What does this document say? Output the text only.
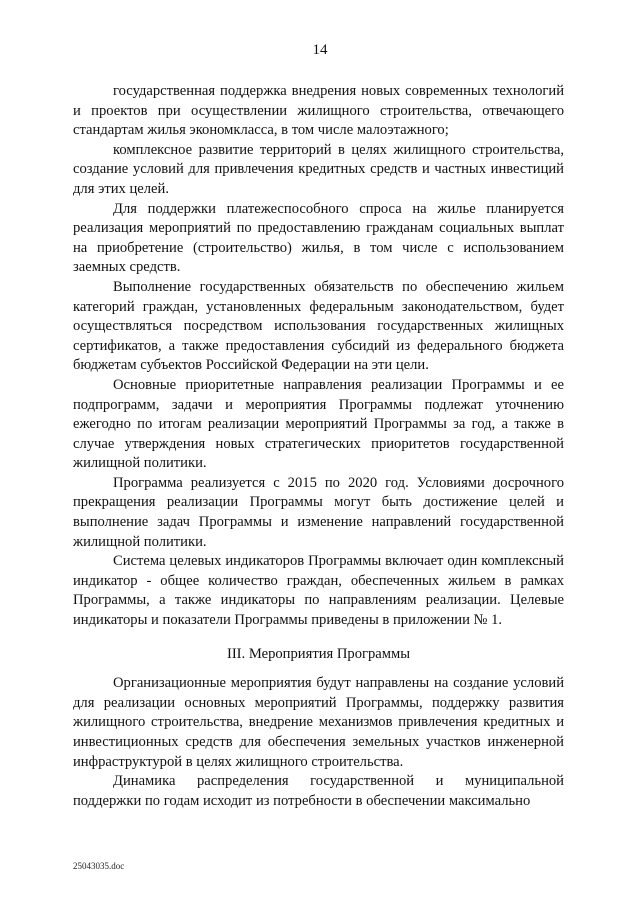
14

государственная поддержка внедрения новых современных технологий и проектов при осуществлении жилищного строительства, отвечающего стандартам жилья экономкласса, в том числе малоэтажного;

комплексное развитие территорий в целях жилищного строительства, создание условий для привлечения кредитных средств и частных инвестиций для этих целей.

Для поддержки платежеспособного спроса на жилье планируется реализация мероприятий по предоставлению гражданам социальных выплат на приобретение (строительство) жилья, в том числе с использованием заемных средств.

Выполнение государственных обязательств по обеспечению жильем категорий граждан, установленных федеральным законодательством, будет осуществляться посредством использования государственных жилищных сертификатов, а также предоставления субсидий из федерального бюджета бюджетам субъектов Российской Федерации на эти цели.

Основные приоритетные направления реализации Программы и ее подпрограмм, задачи и мероприятия Программы подлежат уточнению ежегодно по итогам реализации мероприятий Программы за год, а также в случае утверждения новых стратегических приоритетов государственной жилищной политики.

Программа реализуется с 2015 по 2020 год. Условиями досрочного прекращения реализации Программы могут быть достижение целей и выполнение задач Программы и изменение направлений государственной жилищной политики.

Система целевых индикаторов Программы включает один комплексный индикатор - общее количество граждан, обеспеченных жильем в рамках Программы, а также индикаторы по направлениям реализации. Целевые индикаторы и показатели Программы приведены в приложении № 1.

III. Мероприятия Программы

Организационные мероприятия будут направлены на создание условий для реализации основных мероприятий Программы, поддержку развития жилищного строительства, внедрение механизмов привлечения кредитных и инвестиционных средств для обеспечения земельных участков инженерной инфраструктурой в целях жилищного строительства.

Динамика распределения государственной и муниципальной поддержки по годам исходит из потребности в обеспечении максимально

25043035.doc
